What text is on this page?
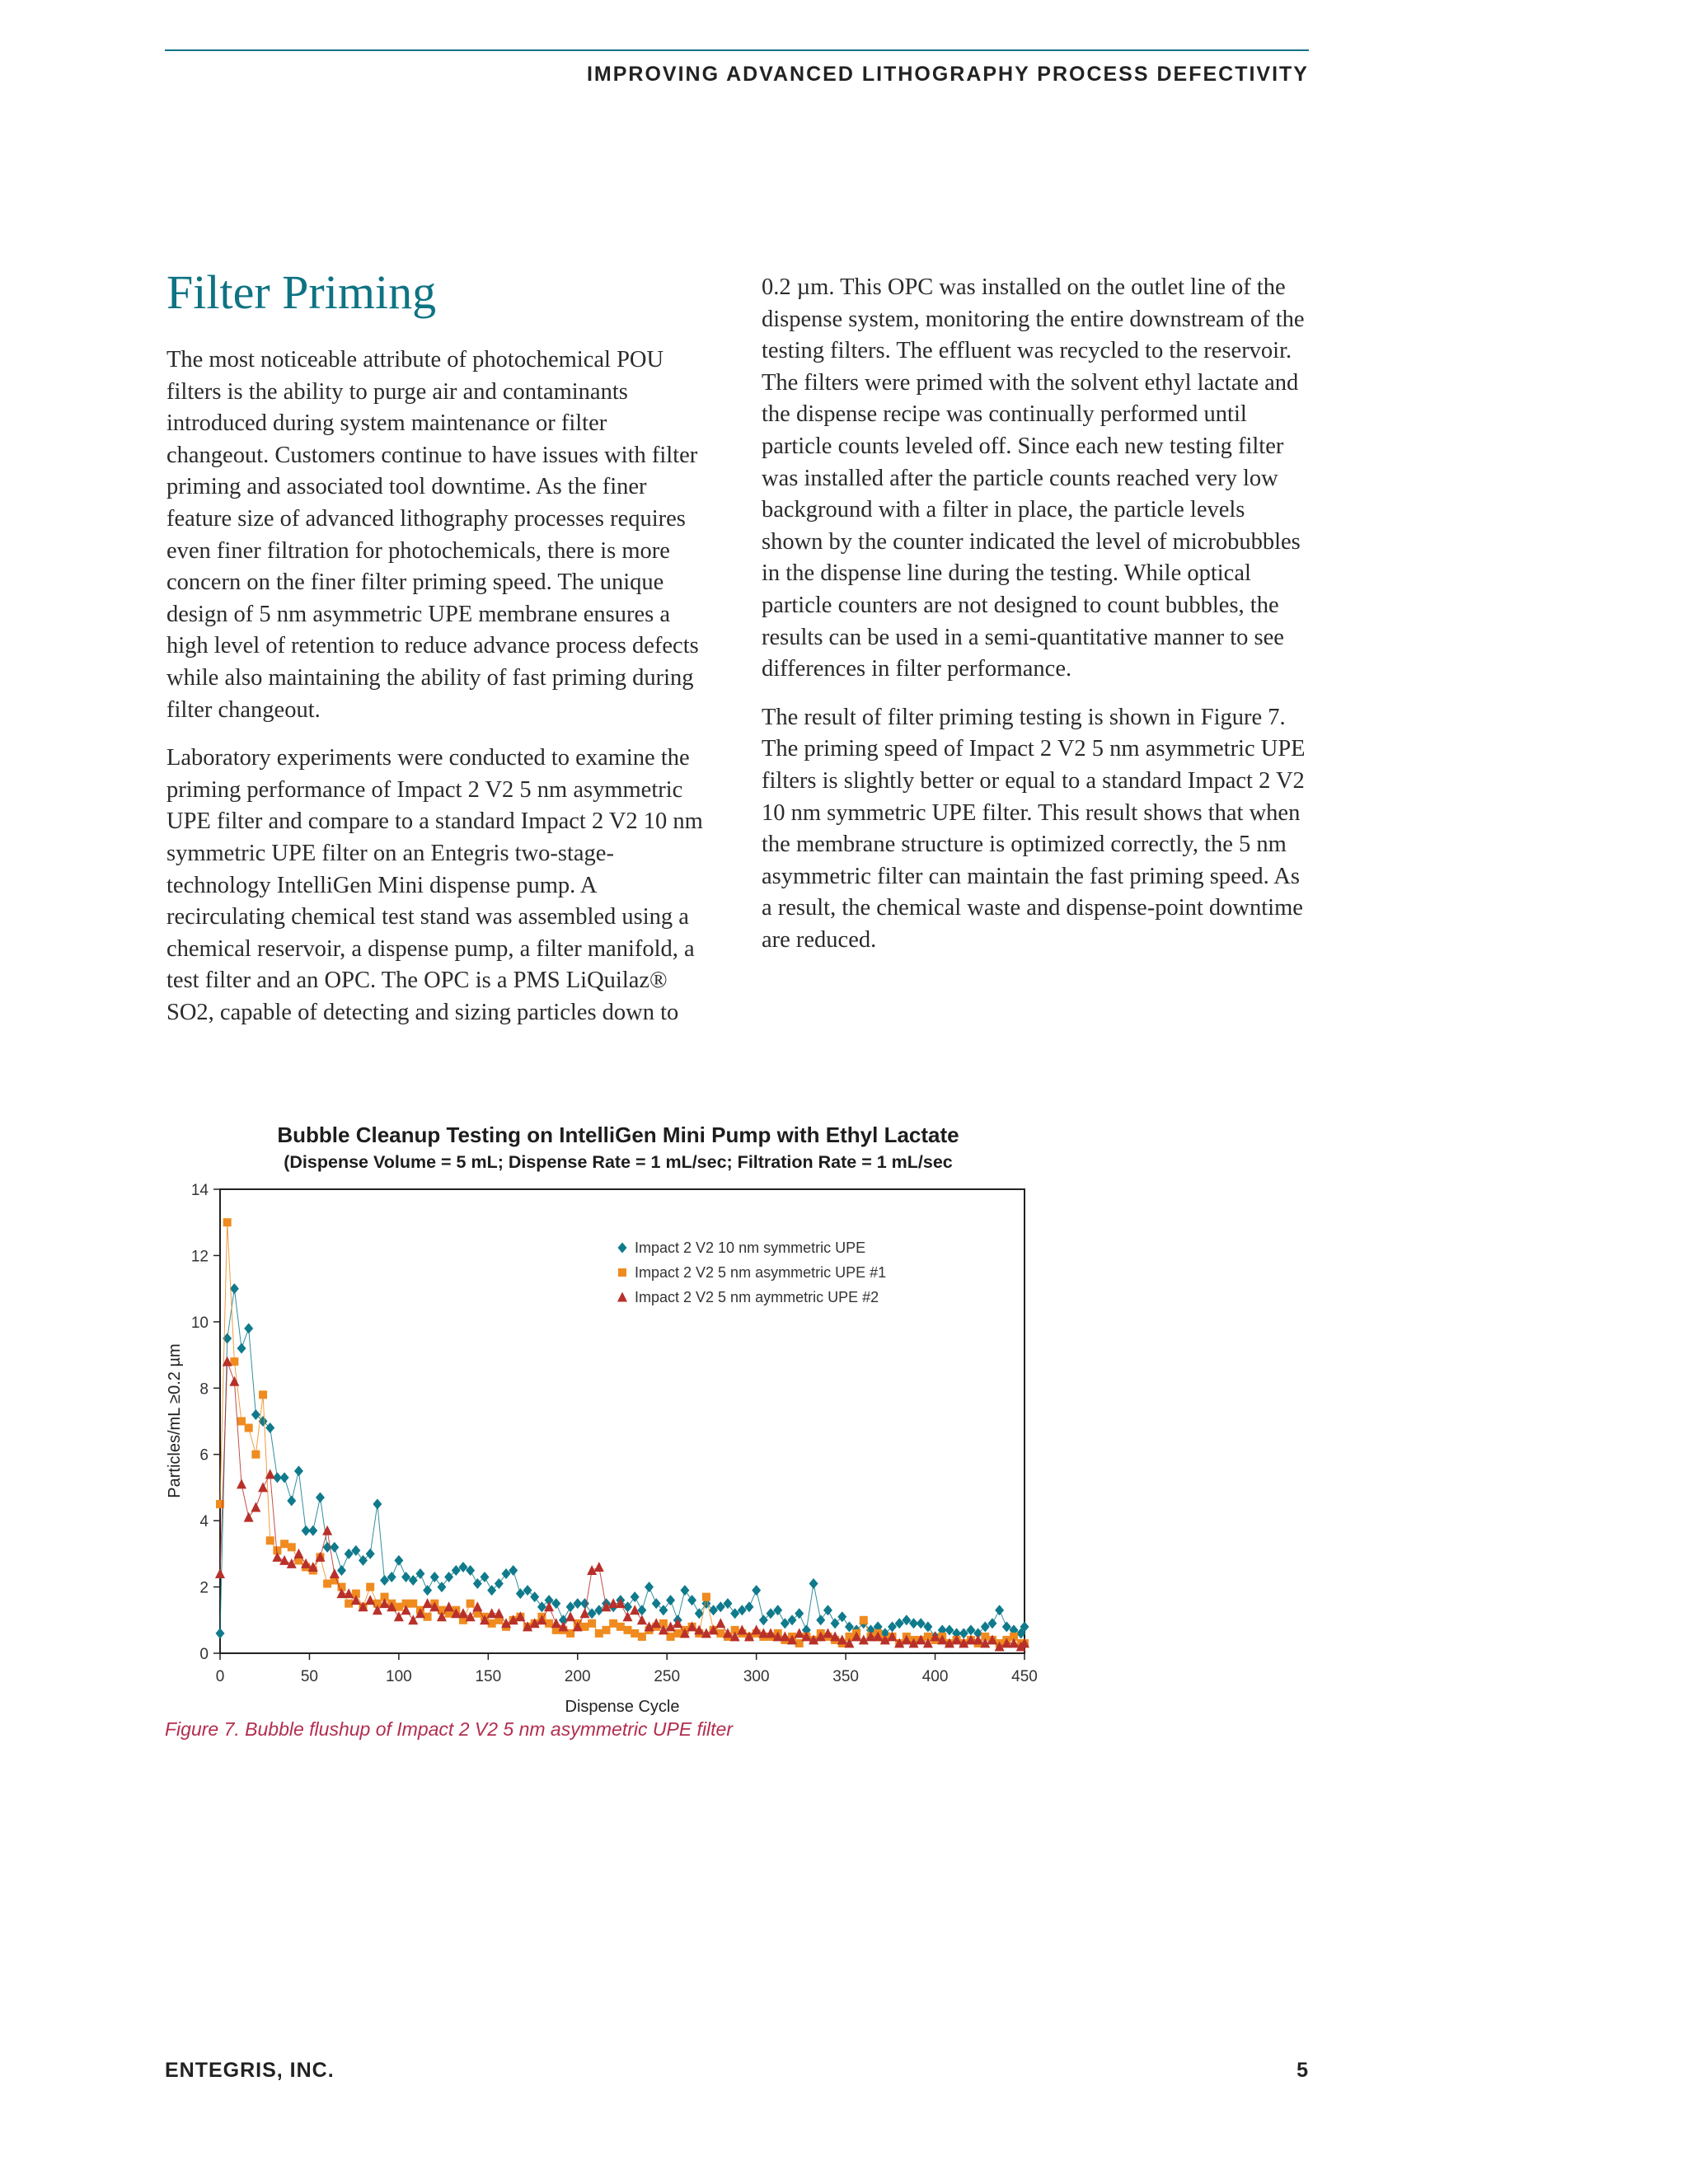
IMPROVING ADVANCED LITHOGRAPHY PROCESS DEFECTIVITY
Filter Priming

The most noticeable attribute of photochemical POU filters is the ability to purge air and contaminants introduced during system maintenance or filter changeout. Customers continue to have issues with filter priming and associated tool downtime. As the finer feature size of advanced lithography processes requires even finer filtration for photochemicals, there is more concern on the finer filter priming speed. The unique design of 5 nm asymmetric UPE membrane ensures a high level of retention to reduce advance process defects while also maintaining the ability of fast priming during filter changeout.

Laboratory experiments were conducted to examine the priming performance of Impact 2 V2 5 nm asymmetric UPE filter and compare to a standard Impact 2 V2 10 nm symmetric UPE filter on an Entegris two-stage-technology IntelliGen Mini dispense pump. A recirculating chemical test stand was assembled using a chemical reservoir, a dispense pump, a filter manifold, a test filter and an OPC. The OPC is a PMS LiQuilaz® SO2, capable of detecting and sizing particles down to

0.2 µm. This OPC was installed on the outlet line of the dispense system, monitoring the entire downstream of the testing filters. The effluent was recycled to the reservoir. The filters were primed with the solvent ethyl lactate and the dispense recipe was continually performed until particle counts leveled off. Since each new testing filter was installed after the particle counts reached very low background with a filter in place, the particle levels shown by the counter indicated the level of microbubbles in the dispense line during the testing. While optical particle counters are not designed to count bubbles, the results can be used in a semi-quantitative manner to see differences in filter performance.

The result of filter priming testing is shown in Figure 7. The priming speed of Impact 2 V2 5 nm asymmetric UPE filters is slightly better or equal to a standard Impact 2 V2 10 nm symmetric UPE filter. This result shows that when the membrane structure is optimized correctly, the 5 nm asymmetric filter can maintain the fast priming speed. As a result, the chemical waste and dispense-point downtime are reduced.

Bubble Cleanup Testing on IntelliGen Mini Pump with Ethyl Lactate
(Dispense Volume = 5 mL; Dispense Rate = 1 mL/sec; Filtration Rate = 1 mL/sec
0	50	100	150	200	250	300	350	400	450
0
2
4
6
8
10
12
14
Impact 2 V2 10 nm symmetric UPE
Impact 2 V2 5 nm asymmetric UPE #1
Impact 2 V2 5 nm aymmetric UPE #2
Dispense Cycle
Particles/mL ≥0.2 µm
Figure 7. Bubble flushup of Impact 2 V2 5 nm asymmetric UPE filter
ENTEGRIS, INC.	5
